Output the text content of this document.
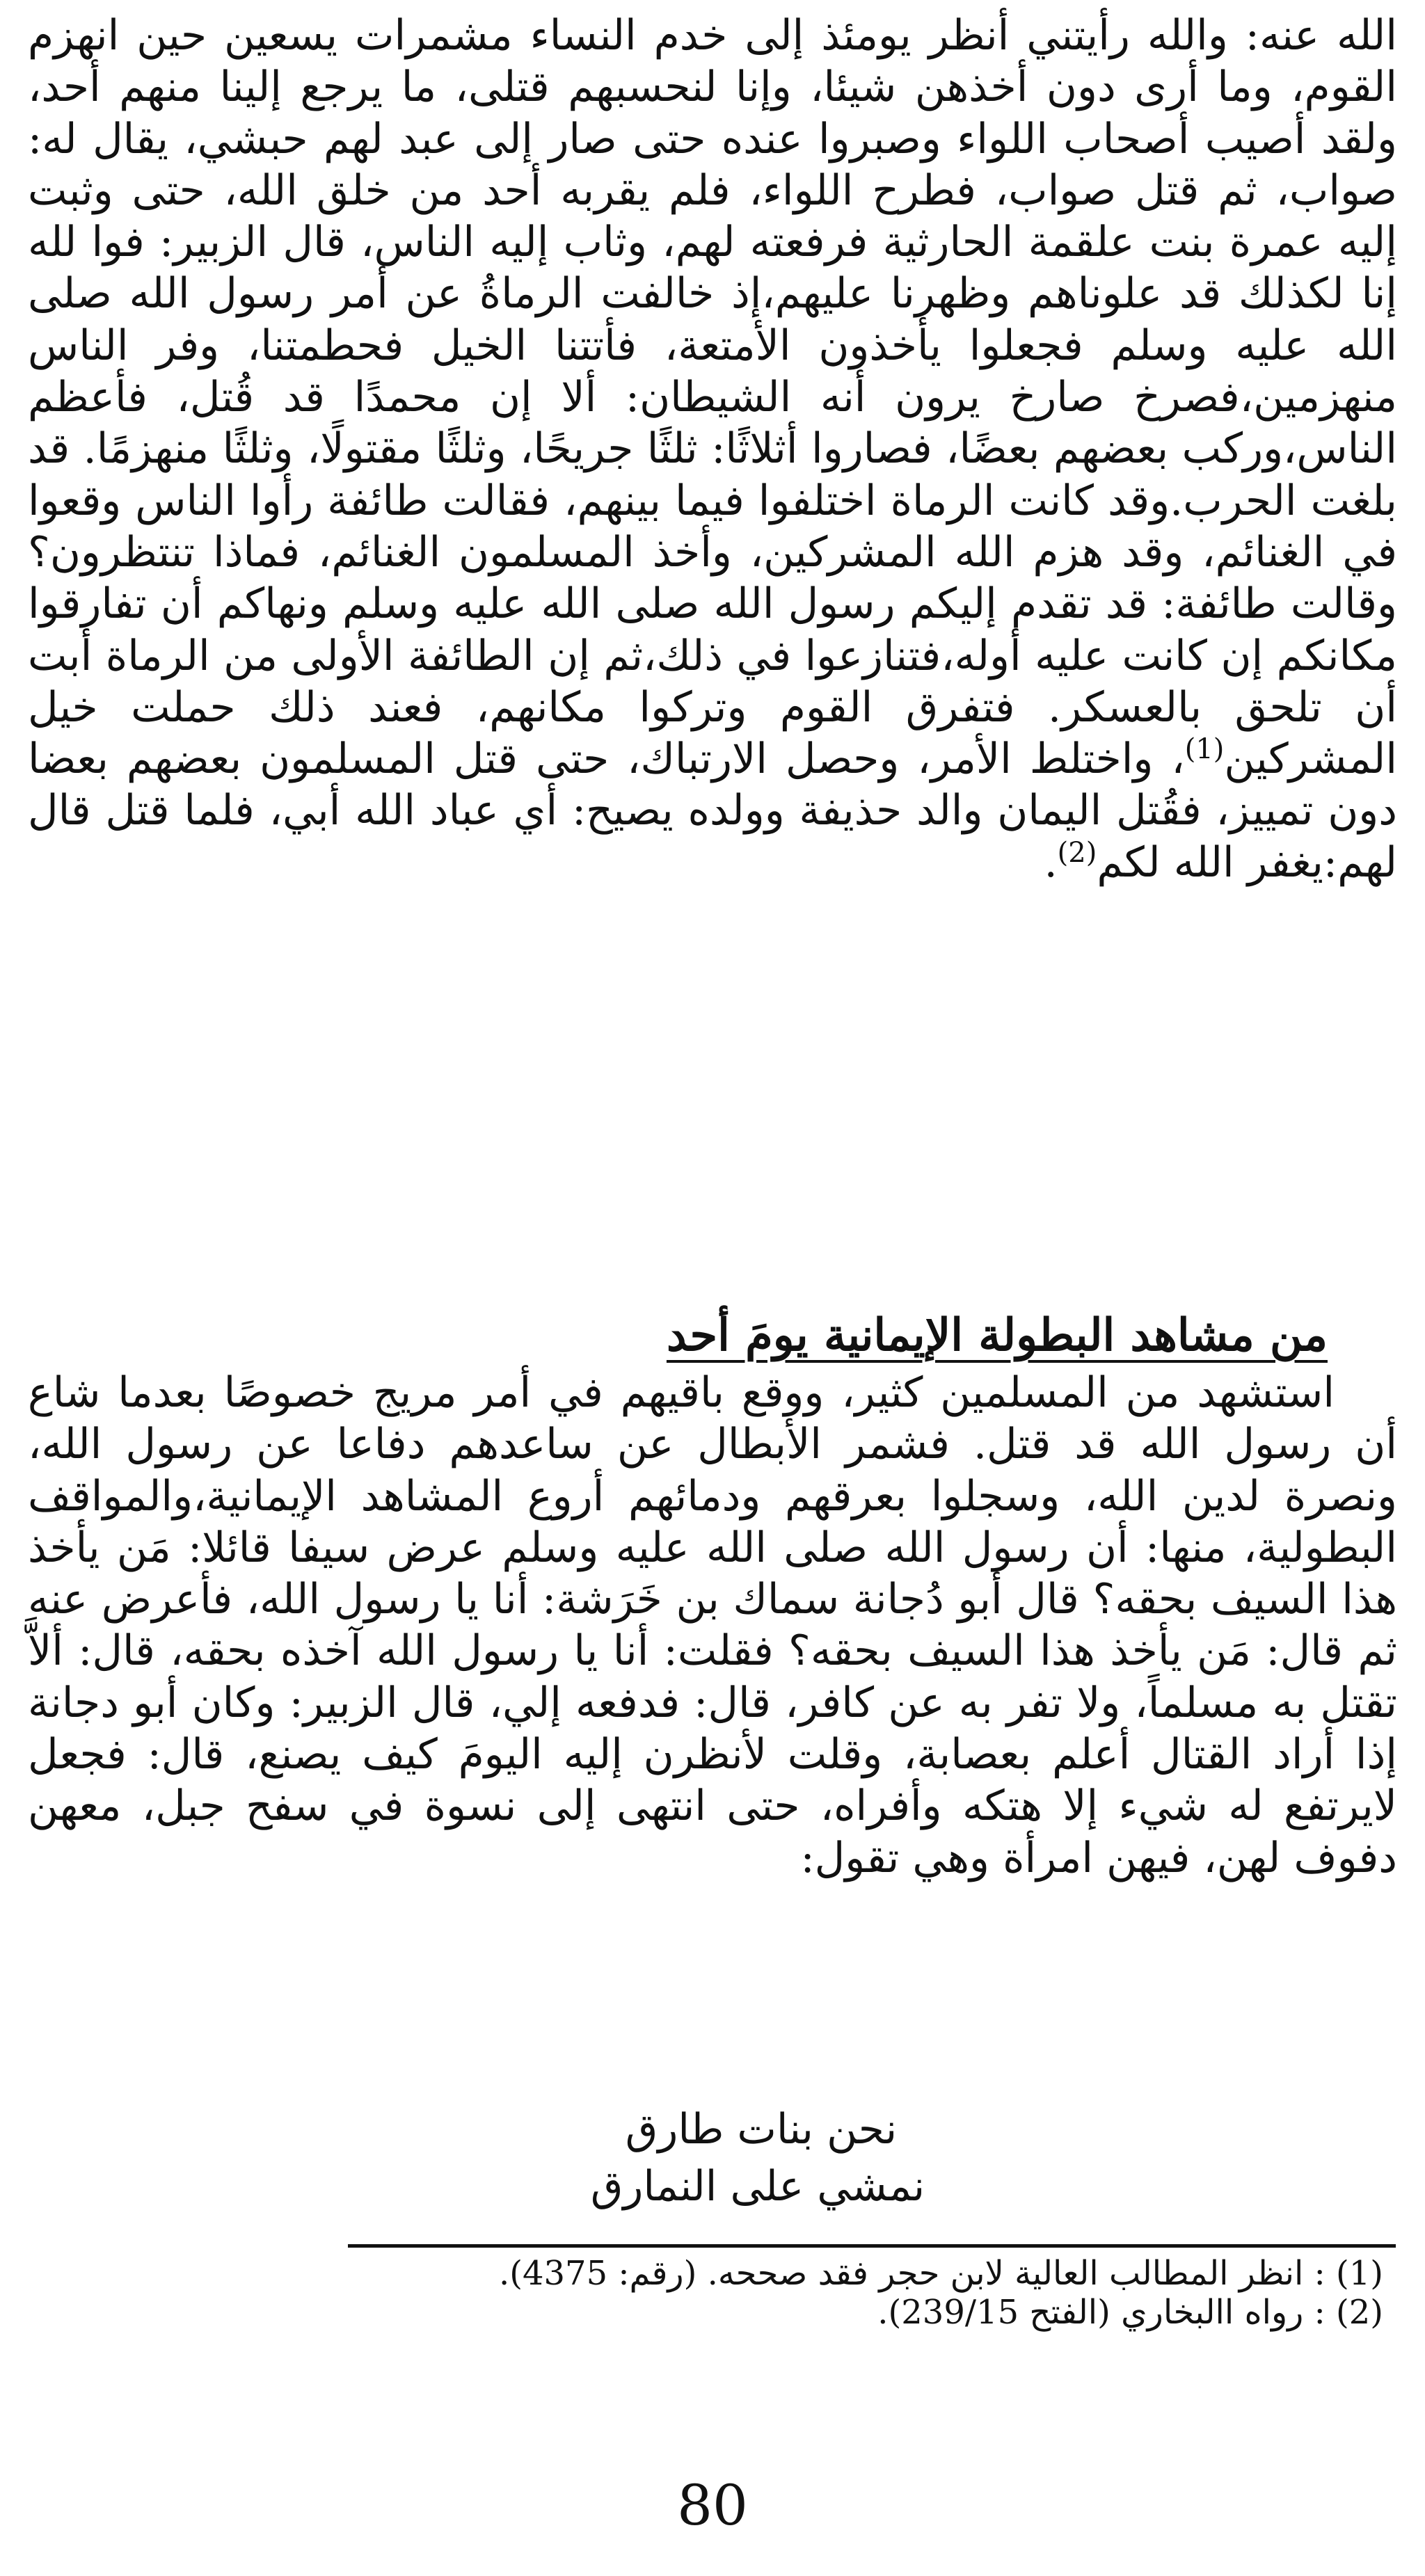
الله عنه: والله رأيتني أنظر يومئذ إلى خدم النساء مشمرات يسعين حين انهزم القوم، وما أرى دون أخذهن شيئا، وإنا لنحسبهم قتلى، ما يرجع إلينا منهم أحد، ولقد أصيب أصحاب اللواء وصبروا عنده حتى صار إلى عبد لهم حبشي، يقال له: صواب، ثم قتل صواب، فطرح اللواء، فلم يقربه أحد من خلق الله، حتى وثبت إليه عمرة بنت علقمة الحارثية فرفعته لهم، وثاب إليه الناس، قال الزبير: فوا لله إنا لكذلك قد علوناهم وظهرنا عليهم،إذ خالفت الرماةُ عن أمر رسول الله صلى الله عليه وسلم فجعلوا يأخذون الأمتعة، فأتتنا الخيل فحطمتنا، وفر الناس منهزمين،فصرخ صارخ يرون أنه الشيطان: ألا إن محمدًا قد قُتل، فأعظم الناس،وركب بعضهم بعضًا، فصاروا أثلاثًا: ثلثًا جريحًا، وثلثًا مقتولًا، وثلثًا منهزمًا. قد بلغت الحرب.وقد كانت الرماة اختلفوا فيما بينهم، فقالت طائفة رأوا الناس وقعوا في الغنائم، وقد هزم الله المشركين، وأخذ المسلمون الغنائم، فماذا تنتظرون؟ وقالت طائفة: قد تقدم إليكم رسول الله صلى الله عليه وسلم ونهاكم أن تفارقوا مكانكم إن كانت عليه أوله،فتنازعوا في ذلك،ثم إن الطائفة الأولى من الرماة أبت أن تلحق بالعسكر. فتفرق القوم وتركوا مكانهم، فعند ذلك حملت خيل المشركين$^{(1)}$، واختلط الأمر، وحصل الارتباك، حتى قتل المسلمون بعضهم بعضا دون تمييز، فقُتل اليمان والد حذيفة وولده يصيح: أي عباد الله أبي، فلما قتل قال لهم:يغفر الله لكم$^{(2)}$.

من مشاهد البطولة الإيمانية يومَ أحد

استشهد من المسلمين كثير، ووقع باقيهم في أمر مريج خصوصًا بعدما شاع أن رسول الله قد قتل. فشمر الأبطال عن ساعدهم دفاعا عن رسول الله، ونصرة لدين الله، وسجلوا بعرقهم ودمائهم أروع المشاهد الإيمانية،والمواقف البطولية، منها: أن رسول الله صلى الله عليه وسلم عرض سيفا قائلا: مَن يأخذ هذا السيف بحقه؟ قال أبو دُجانة سماك بن خَرَشة: أنا يا رسول الله، فأعرض عنه ثم قال: مَن يأخذ هذا السيف بحقه؟ فقلت: أنا يا رسول الله آخذه بحقه، قال: ألاَّ تقتل به مسلماً، ولا تفر به عن كافر، قال: فدفعه إلي، قال الزبير: وكان أبو دجانة إذا أراد القتال أعلم بعصابة، وقلت لأنظرن إليه اليومَ كيف يصنع، قال: فجعل لايرتفع له شيء إلا هتكه وأفراه، حتى انتهى إلى نسوة في سفح جبل، معهن دفوف لهن، فيهن امرأة وهي تقول:

نحن بنات طارق
نمشي على النمارق
(1) : انظر المطالب العالية لابن حجر فقد صححه. (رقم: 4375).
(2) : رواه االبخاري (الفتح 239/15).
80
